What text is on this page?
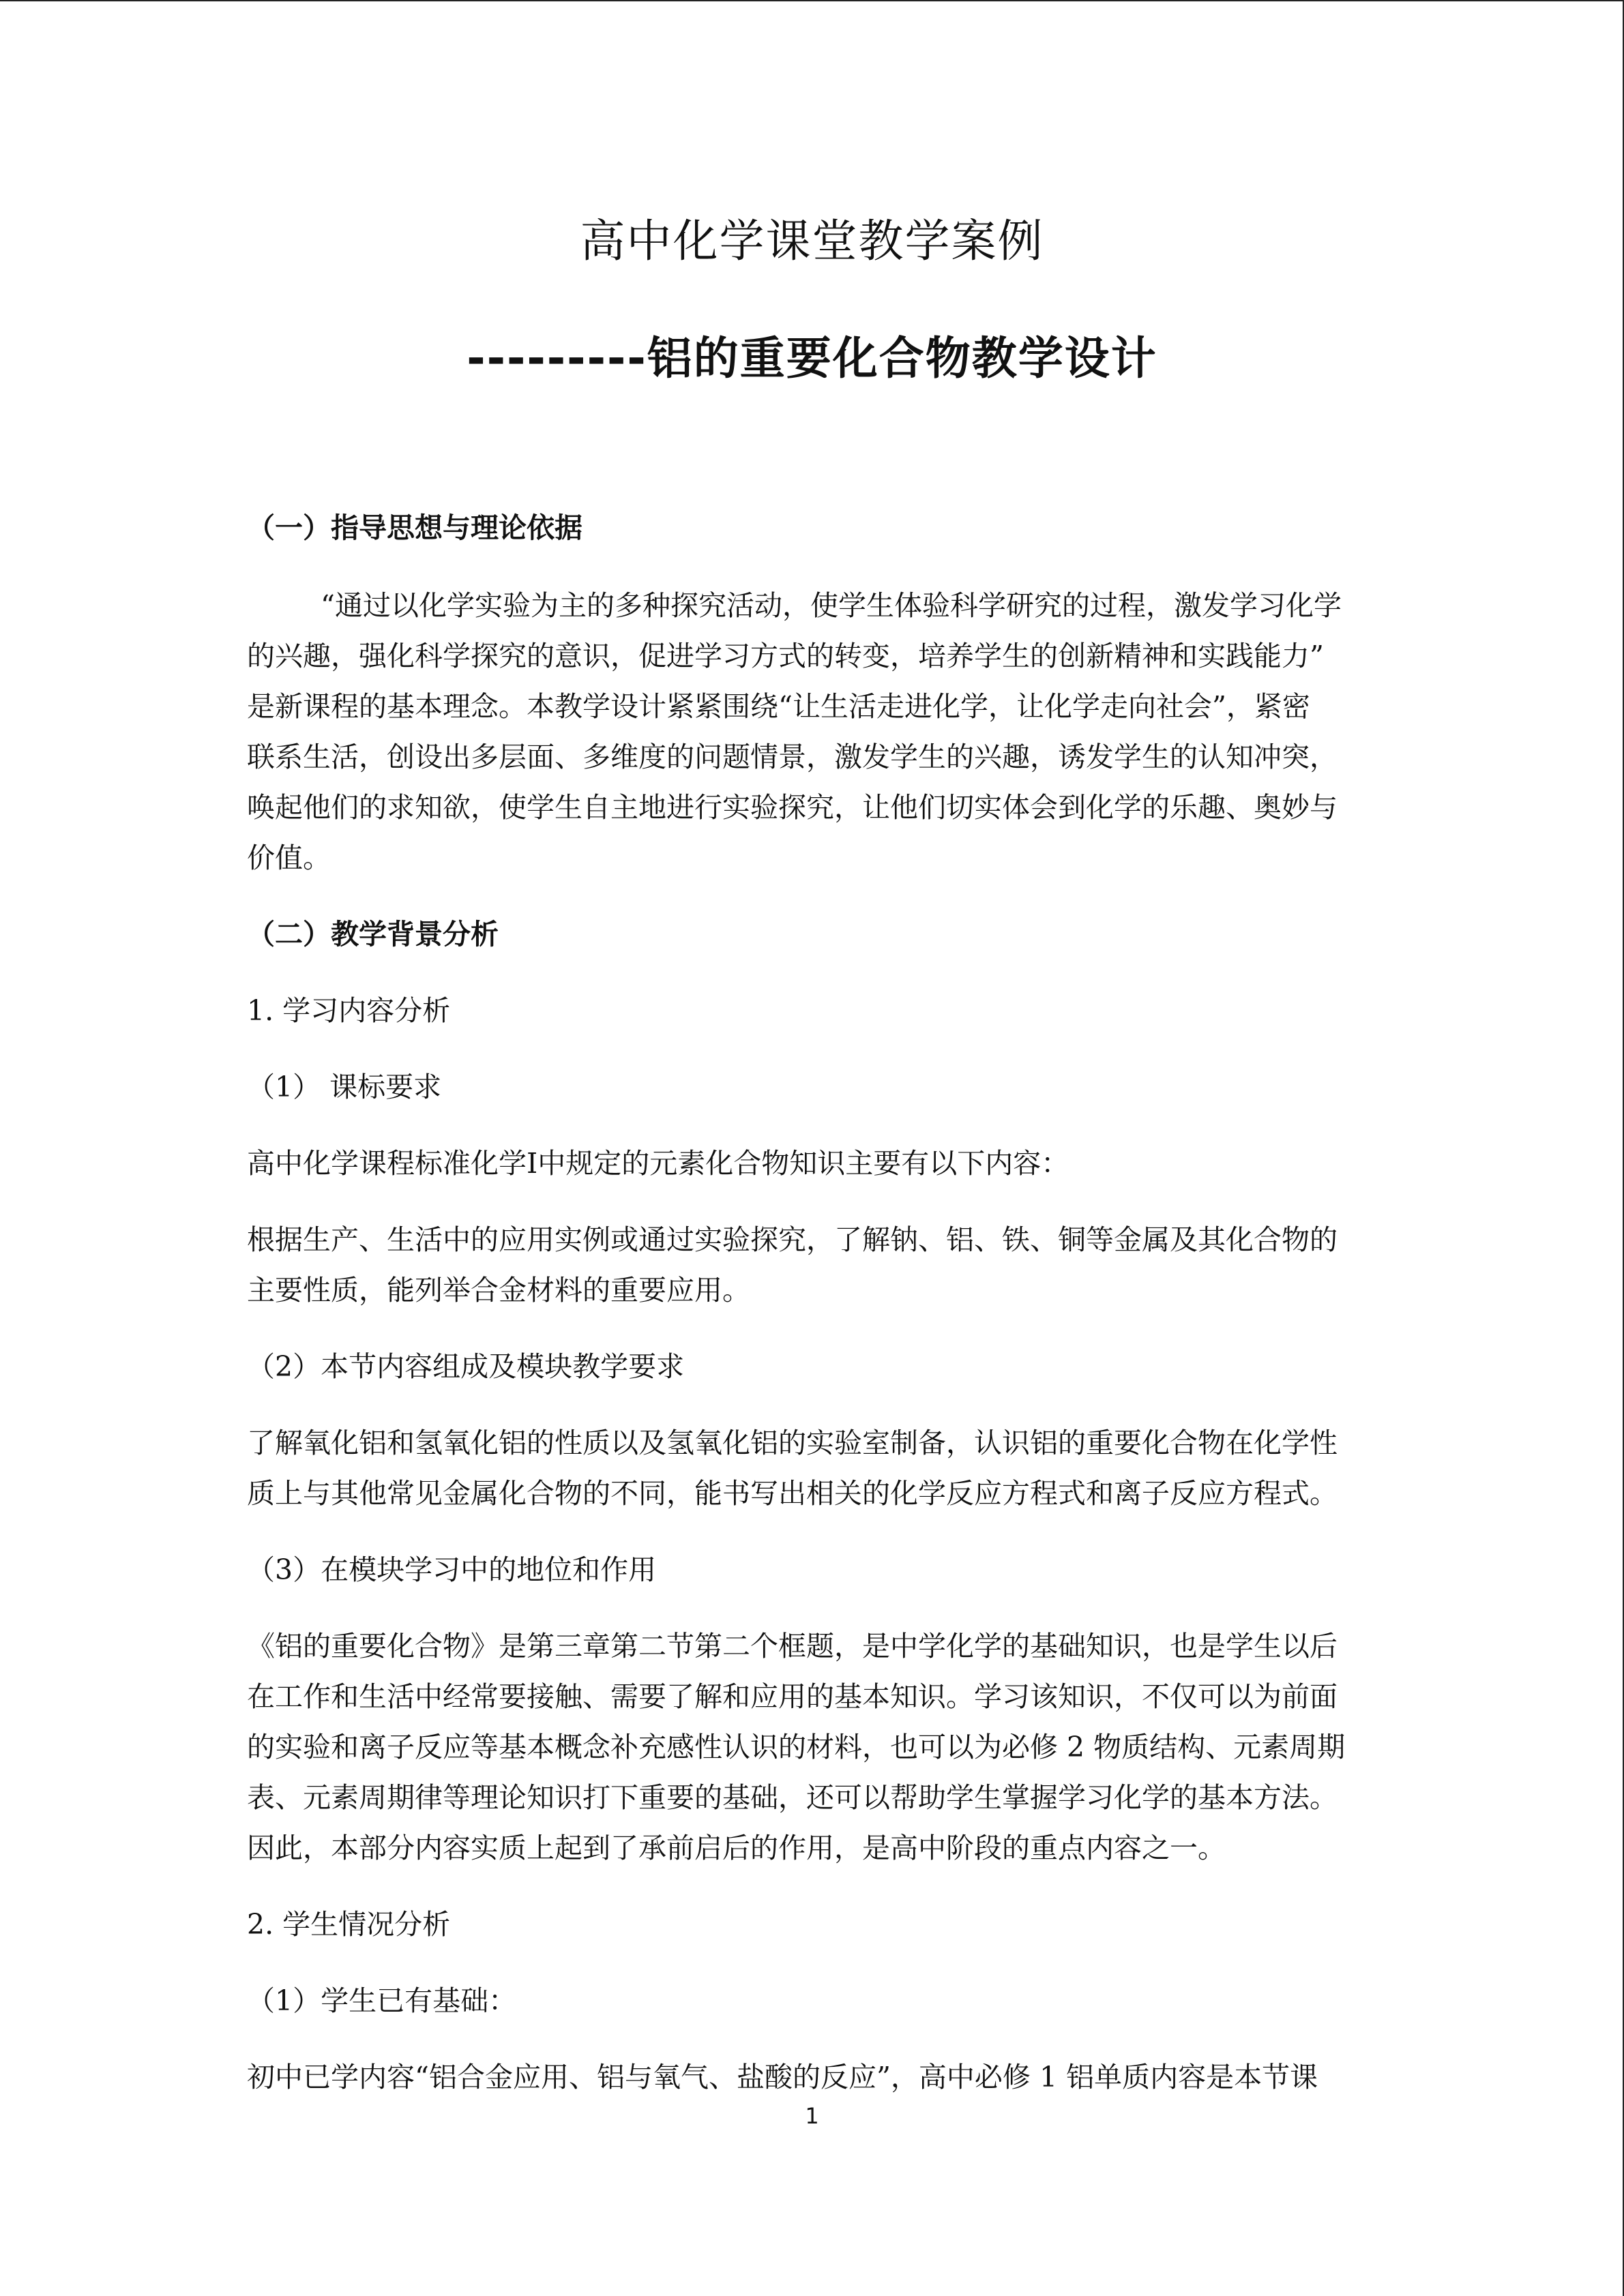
高中化学课堂教学案例
---------铝的重要化合物教学设计

（一）指导思想与理论依据

“通过以化学实验为主的多种探究活动，使学生体验科学研究的过程，激发学习化学

的兴趣，强化科学探究的意识，促进学习方式的转变，培养学生的创新精神和实践能力”

是新课程的基本理念。本教学设计紧紧围绕“让生活走进化学，让化学走向社会”，紧密

联系生活，创设出多层面、多维度的问题情景，激发学生的兴趣，诱发学生的认知冲突，

唤起他们的求知欲，使学生自主地进行实验探究，让他们切实体会到化学的乐趣、奥妙与

价值。

（二）教学背景分析

1. 学习内容分析

（1） 课标要求

高中化学课程标准化学Ⅰ中规定的元素化合物知识主要有以下内容：

根据生产、生活中的应用实例或通过实验探究，了解钠、铝、铁、铜等金属及其化合物的

主要性质，能列举合金材料的重要应用。

（2）本节内容组成及模块教学要求

了解氧化铝和氢氧化铝的性质以及氢氧化铝的实验室制备，认识铝的重要化合物在化学性

质上与其他常见金属化合物的不同，能书写出相关的化学反应方程式和离子反应方程式。

（3）在模块学习中的地位和作用

《铝的重要化合物》是第三章第二节第二个框题，是中学化学的基础知识，也是学生以后

在工作和生活中经常要接触、需要了解和应用的基本知识。学习该知识，不仅可以为前面

的实验和离子反应等基本概念补充感性认识的材料，也可以为必修 2 物质结构、元素周期

表、元素周期律等理论知识打下重要的基础，还可以帮助学生掌握学习化学的基本方法。

因此，本部分内容实质上起到了承前启后的作用，是高中阶段的重点内容之一。

2. 学生情况分析

（1）学生已有基础：

初中已学内容“铝合金应用、铝与氧气、盐酸的反应”，高中必修 1 铝单质内容是本节课

1
